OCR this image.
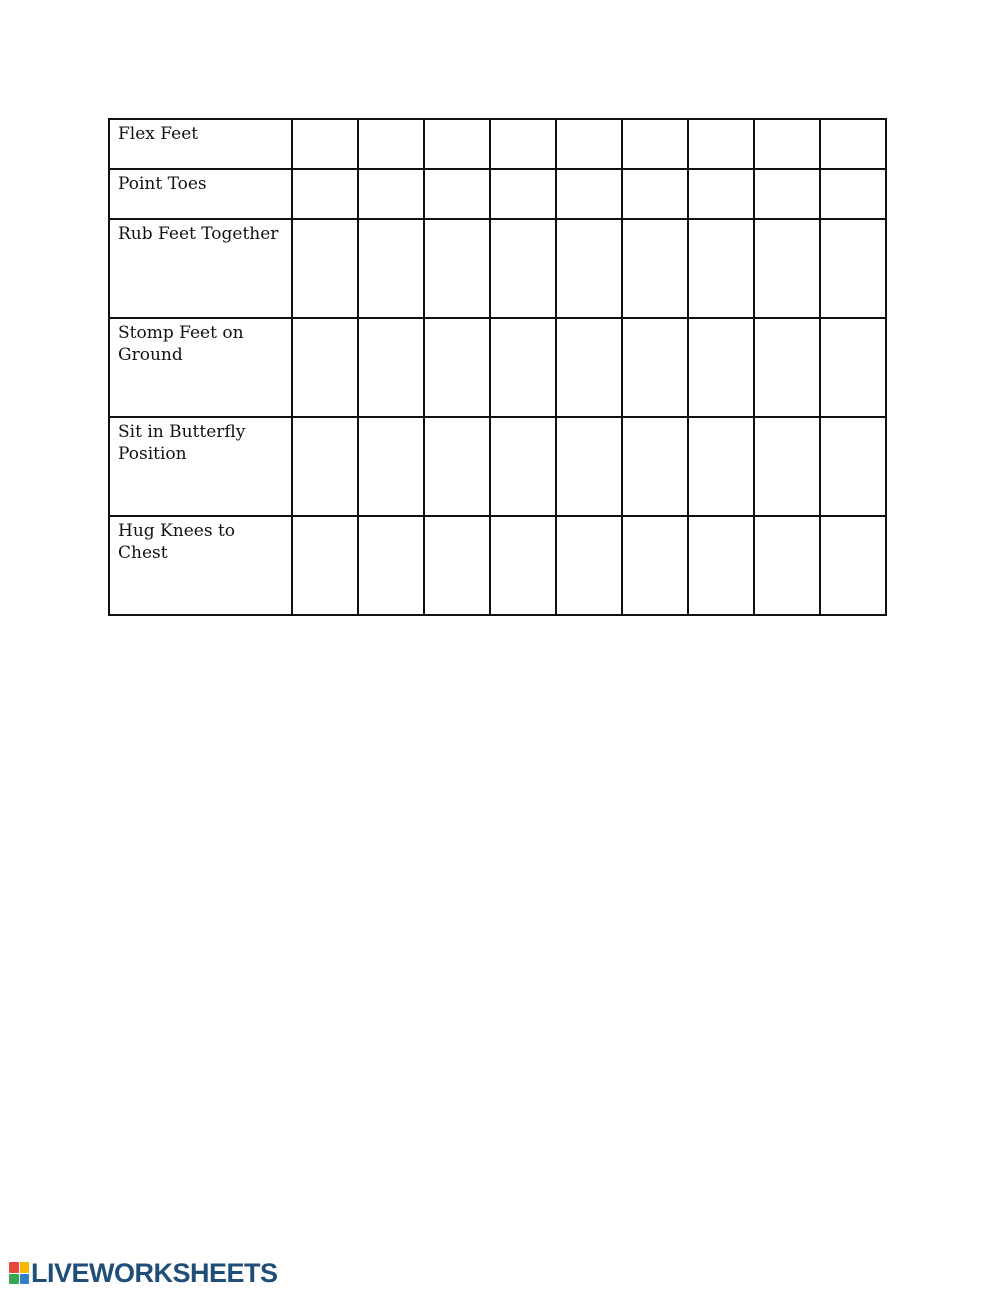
Flex Feet									

Point Toes									

Rub Feet Together									

Stomp Feet on Ground									

Sit in Butterfly Position									

Hug Knees to Chest									

LIVEWORKSHEETS
